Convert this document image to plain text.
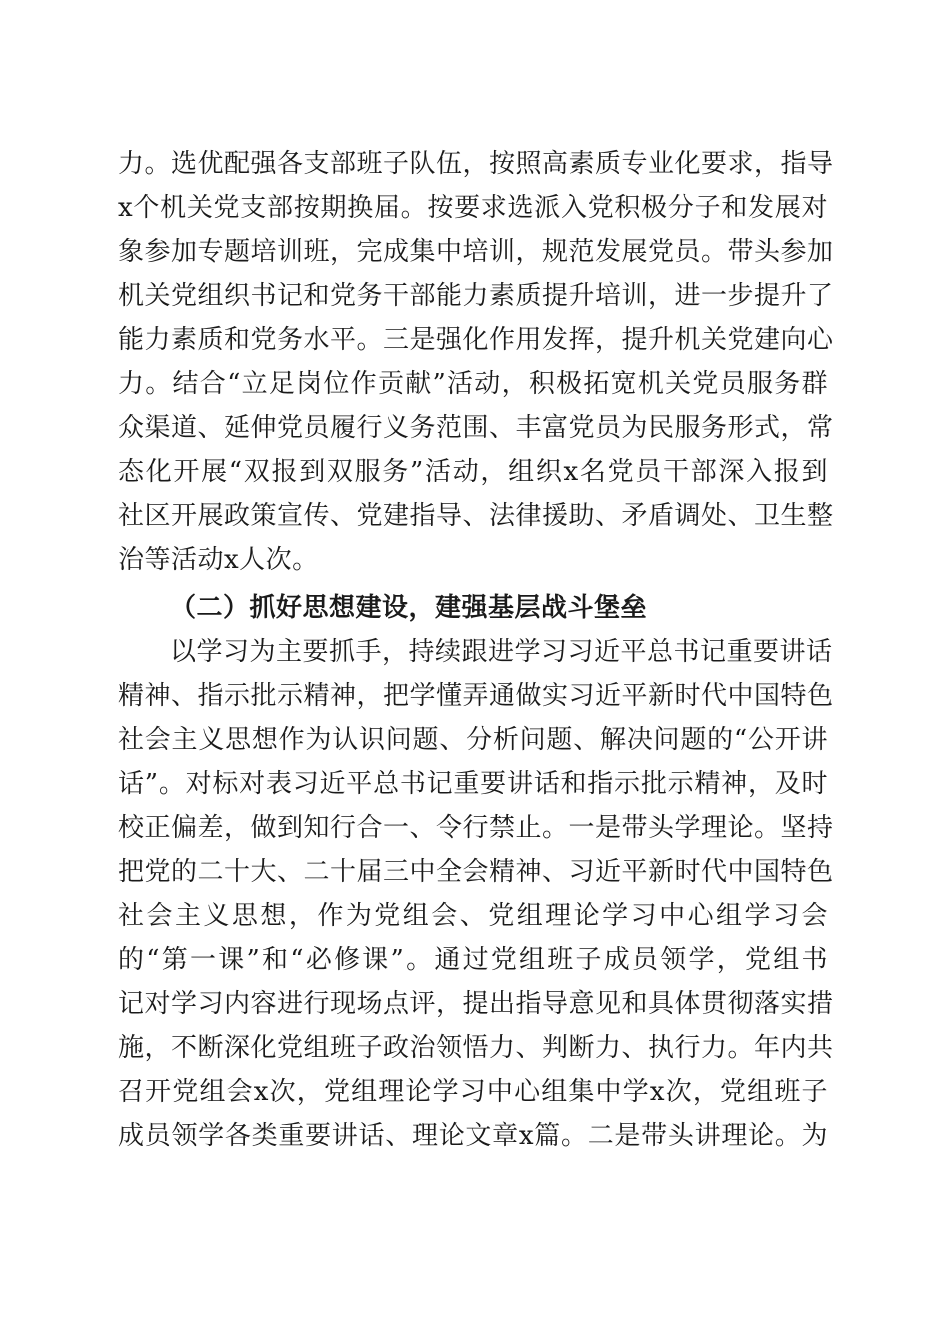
力。选优配强各支部班子队伍，按照高素质专业化要求，指导
x个机关党支部按期换届。按要求选派入党积极分子和发展对
象参加专题培训班，完成集中培训，规范发展党员。带头参加
机关党组织书记和党务干部能力素质提升培训，进一步提升了
能力素质和党务水平。三是强化作用发挥，提升机关党建向心
力。结合“立足岗位作贡献”活动，积极拓宽机关党员服务群
众渠道、延伸党员履行义务范围、丰富党员为民服务形式，常
态化开展“双报到双服务”活动，组织x名党员干部深入报到
社区开展政策宣传、党建指导、法律援助、矛盾调处、卫生整
治等活动x人次。
（二）抓好思想建设，建强基层战斗堡垒
以学习为主要抓手，持续跟进学习习近平总书记重要讲话
精神、指示批示精神，把学懂弄通做实习近平新时代中国特色
社会主义思想作为认识问题、分析问题、解决问题的“公开讲
话”。对标对表习近平总书记重要讲话和指示批示精神，及时
校正偏差，做到知行合一、令行禁止。一是带头学理论。坚持
把党的二十大、二十届三中全会精神、习近平新时代中国特色
社会主义思想，作为党组会、党组理论学习中心组学习会
的“第一课”和“必修课”。通过党组班子成员领学，党组书
记对学习内容进行现场点评，提出指导意见和具体贯彻落实措
施，不断深化党组班子政治领悟力、判断力、执行力。年内共
召开党组会x次，党组理论学习中心组集中学x次，党组班子
成员领学各类重要讲话、理论文章x篇。二是带头讲理论。为
